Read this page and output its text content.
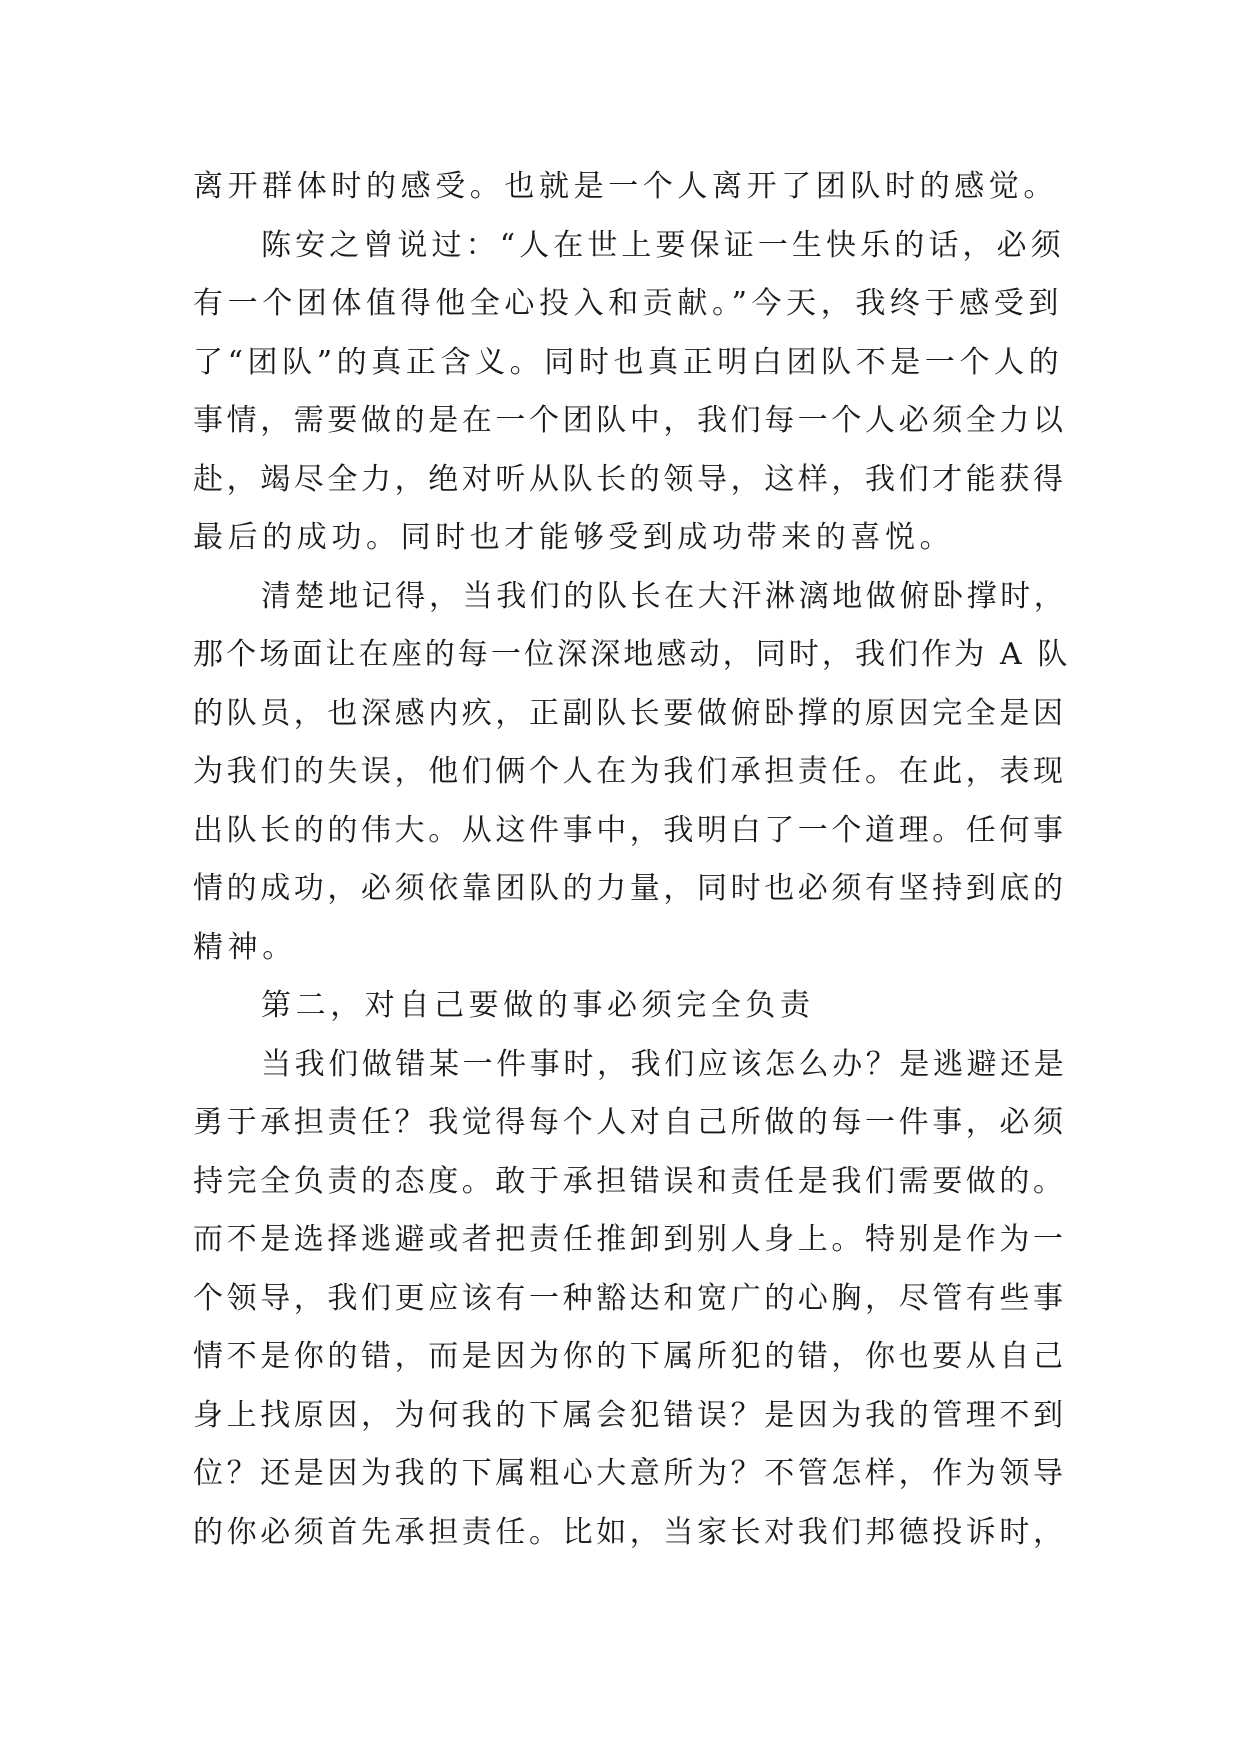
离开群体时的感受。也就是一个人离开了团队时的感觉。
陈安之曾说过：“人在世上要保证一生快乐的话，必须
有一个团体值得他全心投入和贡献。”今天，我终于感受到
了“团队”的真正含义。同时也真正明白团队不是一个人的
事情，需要做的是在一个团队中，我们每一个人必须全力以
赴，竭尽全力，绝对听从队长的领导，这样，我们才能获得
最后的成功。同时也才能够受到成功带来的喜悦。
清楚地记得，当我们的队长在大汗淋漓地做俯卧撑时，
那个场面让在座的每一位深深地感动，同时，我们作为 A 队
的队员，也深感内疚，正副队长要做俯卧撑的原因完全是因
为我们的失误，他们俩个人在为我们承担责任。在此，表现
出队长的的伟大。从这件事中，我明白了一个道理。任何事
情的成功，必须依靠团队的力量，同时也必须有坚持到底的
精神。
第二，对自己要做的事必须完全负责
当我们做错某一件事时，我们应该怎么办？是逃避还是
勇于承担责任？我觉得每个人对自己所做的每一件事，必须
持完全负责的态度。敢于承担错误和责任是我们需要做的。
而不是选择逃避或者把责任推卸到别人身上。特别是作为一
个领导，我们更应该有一种豁达和宽广的心胸，尽管有些事
情不是你的错，而是因为你的下属所犯的错，你也要从自己
身上找原因，为何我的下属会犯错误？是因为我的管理不到
位？还是因为我的下属粗心大意所为？不管怎样，作为领导
的你必须首先承担责任。比如，当家长对我们邦德投诉时，
